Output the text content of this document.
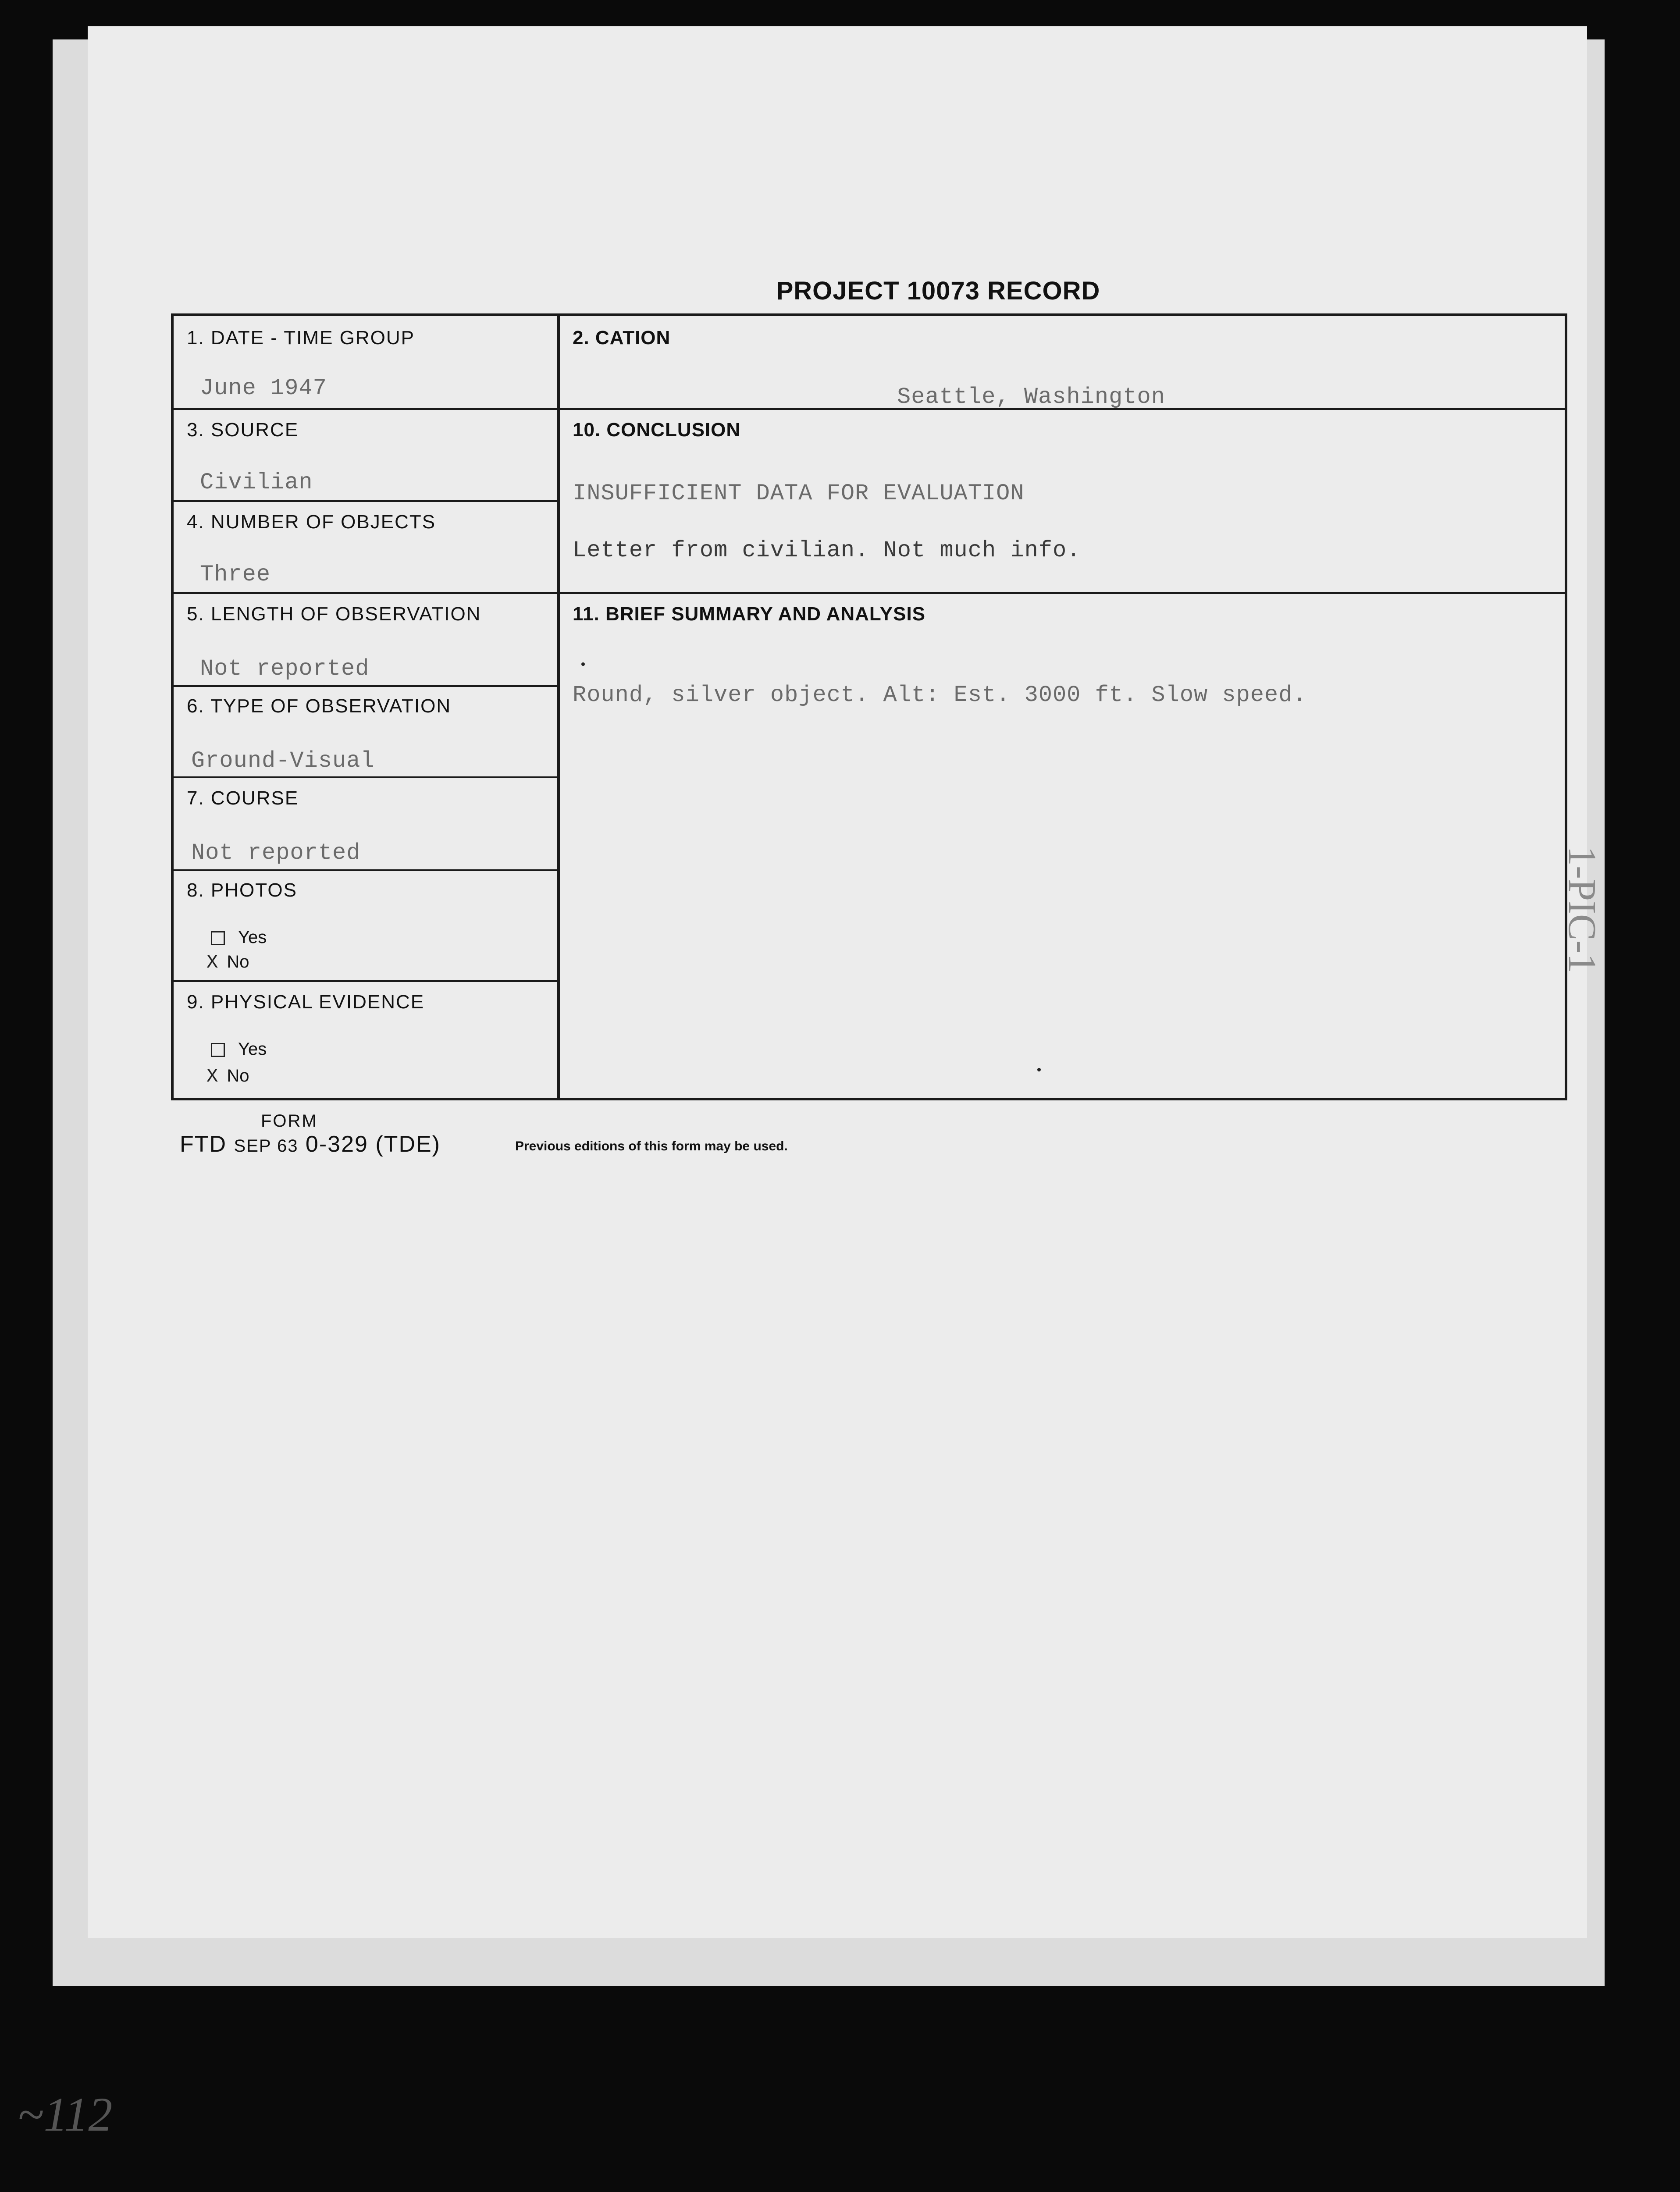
PROJECT 10073 RECORD
1. DATE - TIME GROUP
June 1947
2. CATION
Seattle, Washington
3. SOURCE
Civilian
4. NUMBER OF OBJECTS
Three
5. LENGTH OF OBSERVATION
Not reported
6. TYPE OF OBSERVATION
Ground-Visual
7. COURSE
Not reported
8. PHOTOS
Yes
X No
9. PHYSICAL EVIDENCE
Yes
X No
10. CONCLUSION
INSUFFICIENT DATA FOR EVALUATION
Letter from civilian. Not much info.
11. BRIEF SUMMARY AND ANALYSIS
Round, silver object. Alt: Est. 3000 ft. Slow speed.
FORM
FTD SEP 63 0-329 (TDE)	Previous editions of this form may be used.
1-PIC-1
~112
